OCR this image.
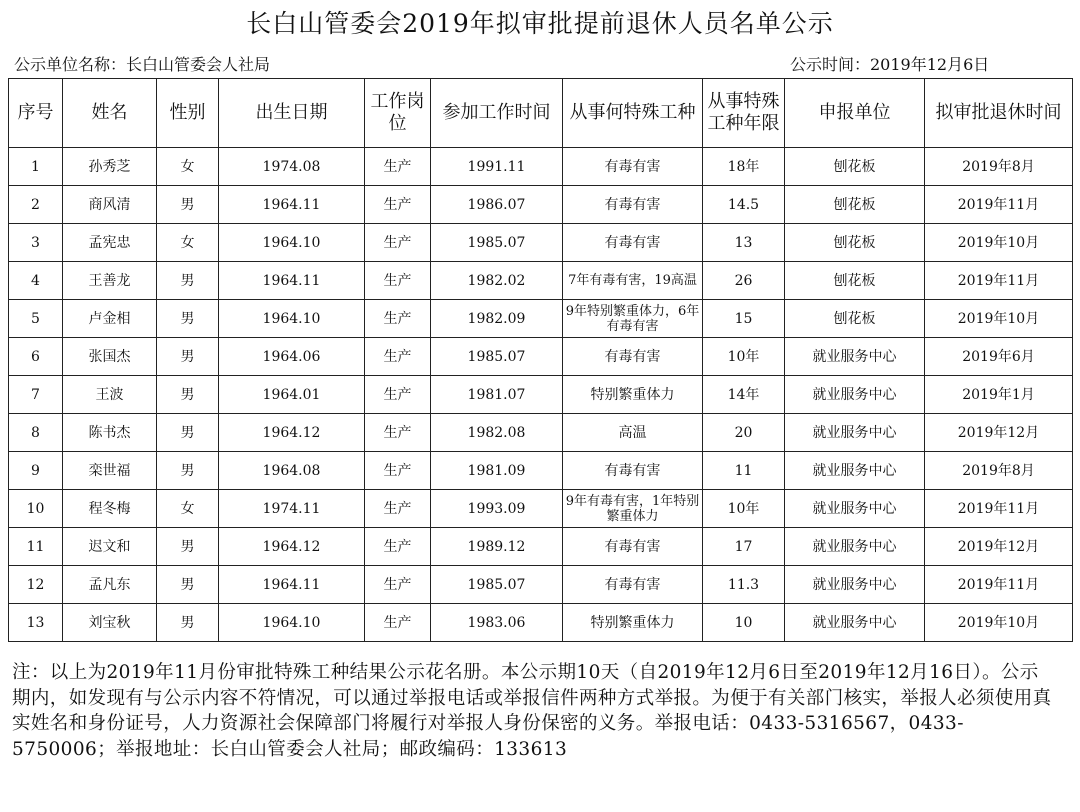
长白山管委会2019年拟审批提前退休人员名单公示
公示单位名称：长白山管委会人社局	公示时间：2019年12月6日
序号	姓名	性别	出生日期	工作岗位	参加工作时间	从事何特殊工种	从事特殊工种年限	申报单位	拟审批退休时间
1	孙秀芝	女	1974.08	生产	1991.11	有毒有害	18年	刨花板	2019年8月
2	商风清	男	1964.11	生产	1986.07	有毒有害	14.5	刨花板	2019年11月
3	孟宪忠	女	1964.10	生产	1985.07	有毒有害	13	刨花板	2019年10月
4	王善龙	男	1964.11	生产	1982.02	7年有毒有害，19高温	26	刨花板	2019年11月
5	卢金相	男	1964.10	生产	1982.09	9年特别繁重体力，6年有毒有害	15	刨花板	2019年10月
6	张国杰	男	1964.06	生产	1985.07	有毒有害	10年	就业服务中心	2019年6月
7	王波	男	1964.01	生产	1981.07	特别繁重体力	14年	就业服务中心	2019年1月
8	陈书杰	男	1964.12	生产	1982.08	高温	20	就业服务中心	2019年12月
9	栾世福	男	1964.08	生产	1981.09	有毒有害	11	就业服务中心	2019年8月
10	程冬梅	女	1974.11	生产	1993.09	9年有毒有害，1年特别繁重体力	10年	就业服务中心	2019年11月
11	迟文和	男	1964.12	生产	1989.12	有毒有害	17	就业服务中心	2019年12月
12	孟凡东	男	1964.11	生产	1985.07	有毒有害	11.3	就业服务中心	2019年11月
13	刘宝秋	男	1964.10	生产	1983.06	特别繁重体力	10	就业服务中心	2019年10月
注：以上为2019年11月份审批特殊工种结果公示花名册。本公示期10天（自2019年12月6日至2019年12月16日）。公示期内，如发现有与公示内容不符情况，可以通过举报电话或举报信件两种方式举报。为便于有关部门核实，举报人必须使用真实姓名和身份证号，人力资源社会保障部门将履行对举报人身份保密的义务。举报电话：0433-5316567，0433-5750006；举报地址：长白山管委会人社局；邮政编码：133613
